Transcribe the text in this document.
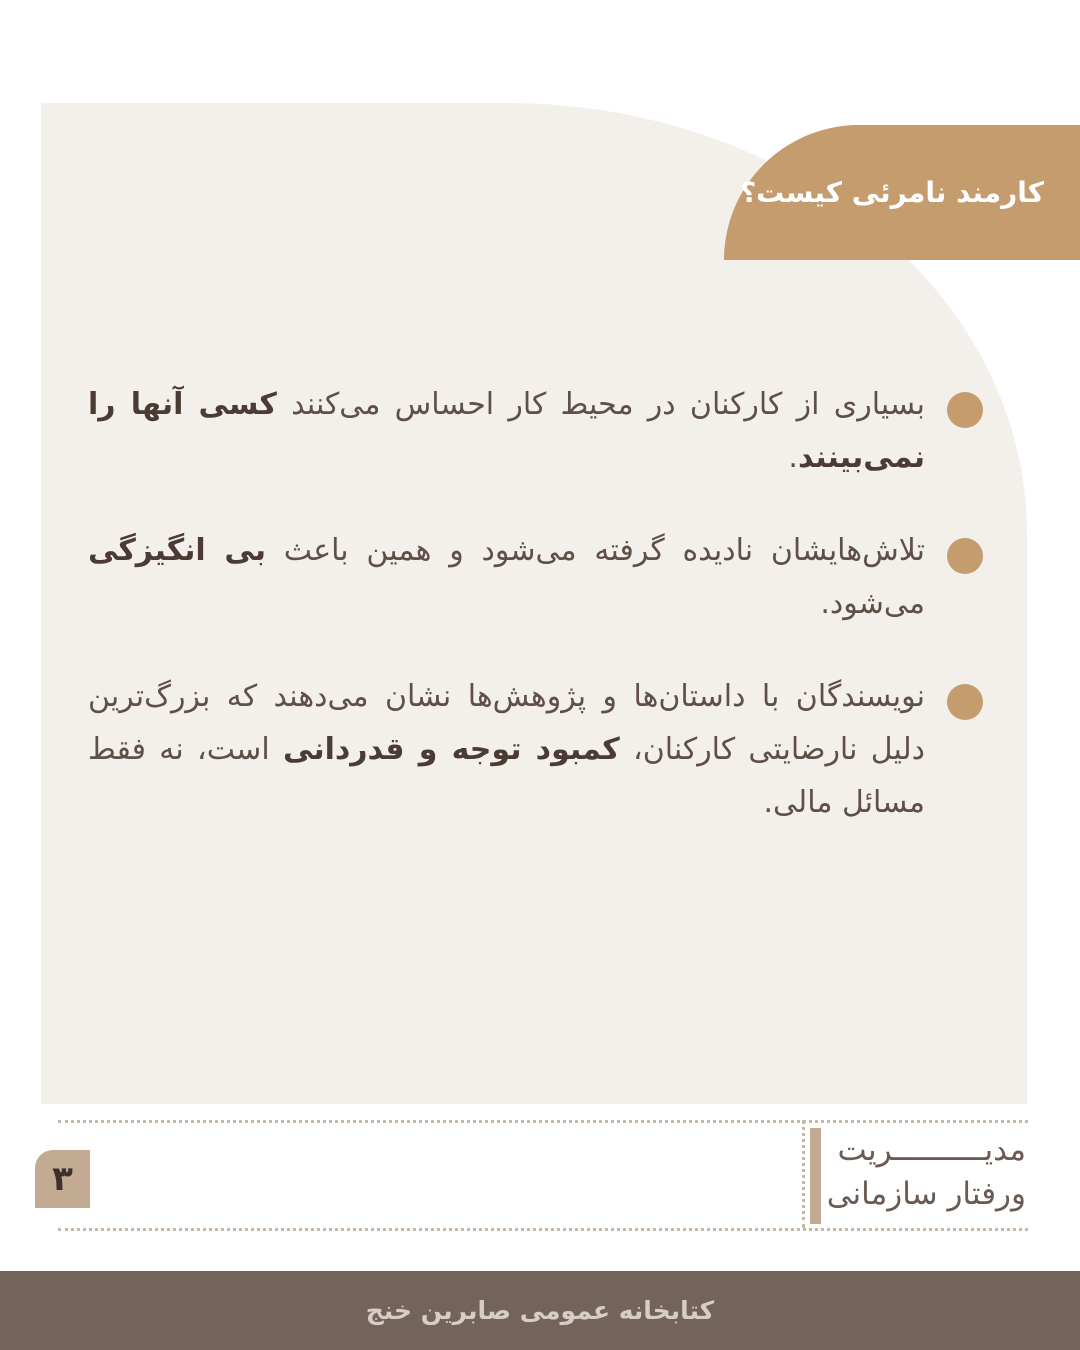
کارمند نامرئی کیست؟

بسیاری از کارکنان در محیط کار احساس می‌کنند کسی آنها را نمی‌بینند.

تلاش‌هایشان نادیده گرفته می‌شود و همین باعث بی انگیزگی می‌شود.

نویسندگان با داستان‌ها و پژوهش‌ها نشان می‌دهند که بزرگ‌ترین دلیل نارضایتی کارکنان، کمبود توجه و قدردانی است، نه فقط مسائل مالی.

مدیــــــــــریت
ورفتار سازمانی
۳
کتابخانه عمومی صابرین خنج
